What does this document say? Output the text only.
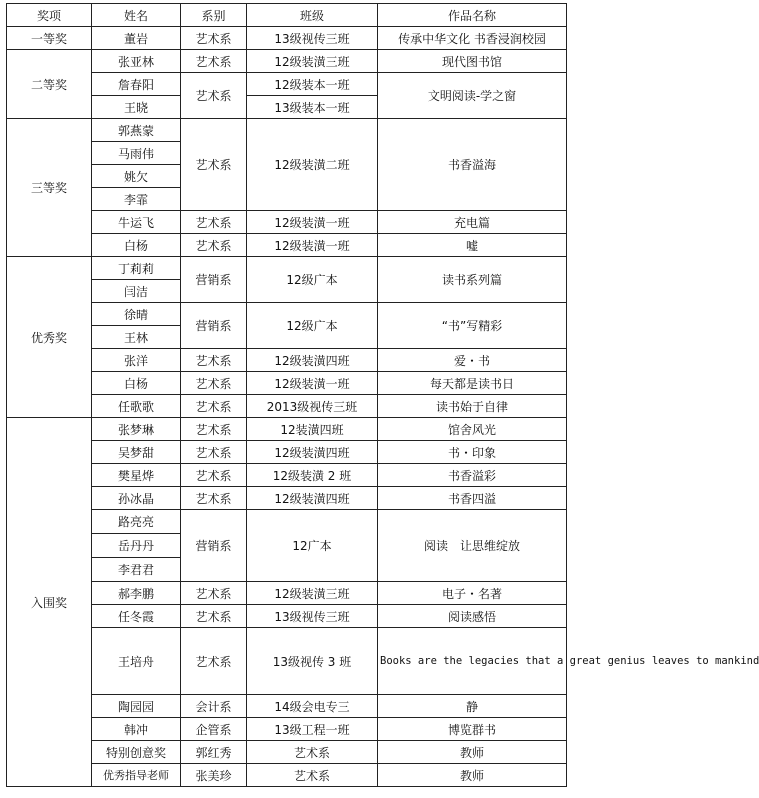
奖项	姓名	系别	班级	作品名称	
一等奖	董岩	艺术系	13级视传三班	传承中华文化 书香浸润校园	
二等奖	张亚林	艺术系	12级装潢三班	现代图书馆	
	詹春阳	艺术系	12级装本一班	文明阅读-学之窗	
	王晓		13级装本一班		
三等奖	郭燕蒙	艺术系	12级装潢二班	书香溢海	
	马雨伟				
	姚欠				
	李霏				
	牛运飞	艺术系	12级装潢一班	充电篇	
	白杨	艺术系	12级装潢一班	嘘	
优秀奖	丁莉莉	营销系	12级广本	读书系列篇	
	闫洁				
	徐晴	营销系	12级广本	“书”写精彩	
	王林				
	张洋	艺术系	12级装潢四班	爱・书	
	白杨	艺术系	12级装潢一班	每天都是读书日	
	任歌歌	艺术系	2013级视传三班	读书始于自律	
入围奖	张梦琳	艺术系	12装潢四班	馆舍风光	
	吴梦甜	艺术系	12级装潢四班	书・印象	
	樊星烨	艺术系	12级装潢 2 班	书香溢彩	
	孙冰晶	艺术系	12级装潢四班	书香四溢	
	路亮亮	营销系	12广本	阅读　让思维绽放	
	岳丹丹				
	李君君				
	郝李鹏	艺术系	12级装潢三班	电子・名著	
	任冬霞	艺术系	13级视传三班	阅读感悟	
	王培舟	艺术系	13级视传 3 班	Books are the legacies that a great genius leaves to mankind	
	陶园园	会计系	14级会电专三	静	
	韩冲	企管系	13级工程一班	博览群书	
	特别创意奖	郭红秀	艺术系	教师	
	优秀指导老师	张美珍	艺术系	教师	
